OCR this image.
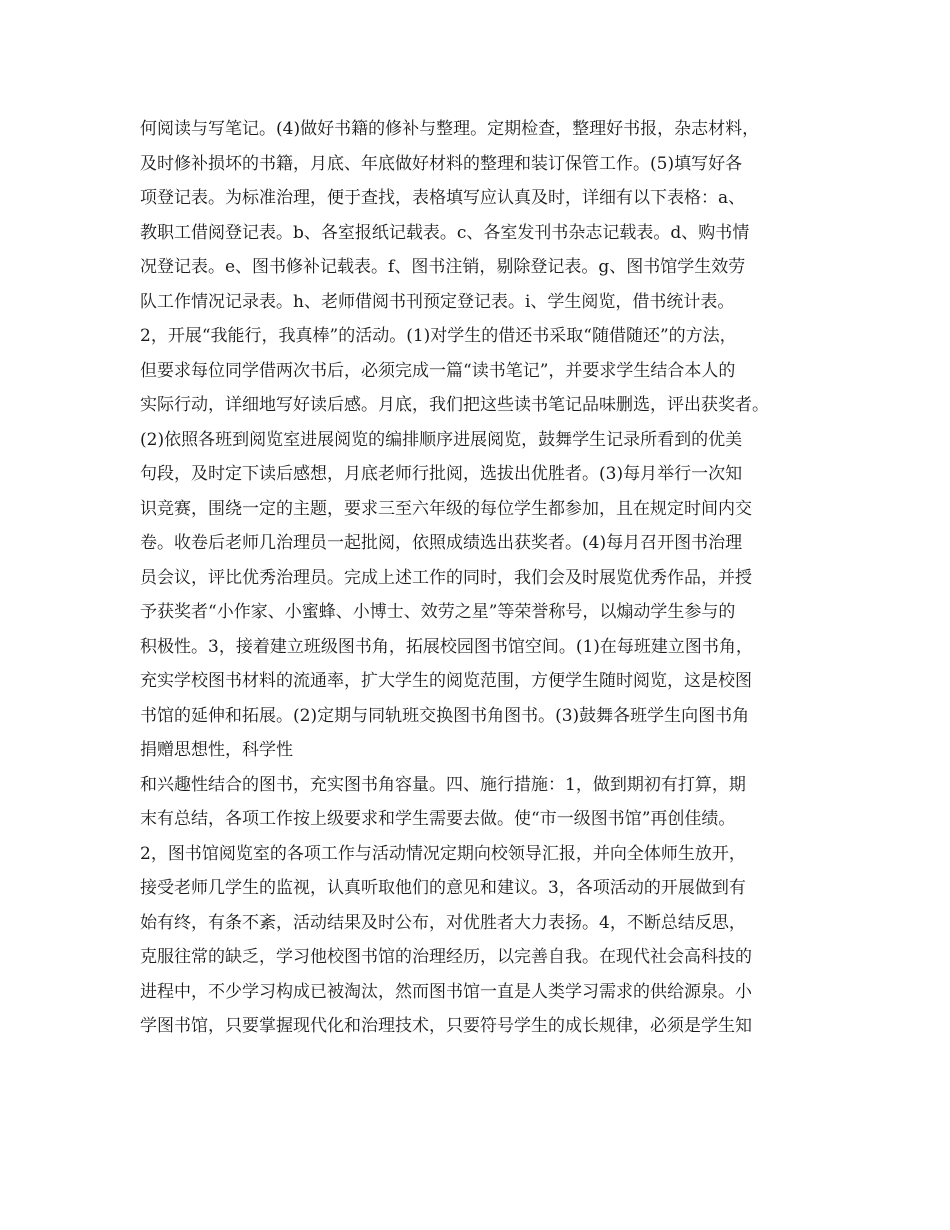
何阅读与写笔记。(4)做好书籍的修补与整理。定期检查，整理好书报，杂志材料，
及时修补损坏的书籍，月底、年底做好材料的整理和装订保管工作。(5)填写好各
项登记表。为标准治理，便于查找，表格填写应认真及时，详细有以下表格：a、
教职工借阅登记表。b、各室报纸记载表。c、各室发刊书杂志记载表。d、购书情
况登记表。e、图书修补记载表。f、图书注销，剔除登记表。g、图书馆学生效劳
队工作情况记录表。h、老师借阅书刊预定登记表。i、学生阅览，借书统计表。
2，开展“我能行，我真棒”的活动。(1)对学生的借还书采取“随借随还”的方法，
但要求每位同学借两次书后，必须完成一篇“读书笔记”，并要求学生结合本人的
实际行动，详细地写好读后感。月底，我们把这些读书笔记品味删选，评出获奖者。
(2)依照各班到阅览室进展阅览的编排顺序进展阅览，鼓舞学生记录所看到的优美
句段，及时定下读后感想，月底老师行批阅，选拔出优胜者。(3)每月举行一次知
识竞赛，围绕一定的主题，要求三至六年级的每位学生都参加，且在规定时间内交
卷。收卷后老师几治理员一起批阅，依照成绩选出获奖者。(4)每月召开图书治理
员会议，评比优秀治理员。完成上述工作的同时，我们会及时展览优秀作品，并授
予获奖者“小作家、小蜜蜂、小博士、效劳之星”等荣誉称号，以煽动学生参与的
积极性。3，接着建立班级图书角，拓展校园图书馆空间。(1)在每班建立图书角，
充实学校图书材料的流通率，扩大学生的阅览范围，方便学生随时阅览，这是校图
书馆的延伸和拓展。(2)定期与同轨班交换图书角图书。(3)鼓舞各班学生向图书角
捐赠思想性，科学性
和兴趣性结合的图书，充实图书角容量。四、施行措施：1，做到期初有打算，期
末有总结，各项工作按上级要求和学生需要去做。使“市一级图书馆”再创佳绩。
2，图书馆阅览室的各项工作与活动情况定期向校领导汇报，并向全体师生放开，
接受老师几学生的监视，认真听取他们的意见和建议。3，各项活动的开展做到有
始有终，有条不紊，活动结果及时公布，对优胜者大力表扬。4，不断总结反思，
克服往常的缺乏，学习他校图书馆的治理经历，以完善自我。在现代社会高科技的
进程中，不少学习构成已被淘汰，然而图书馆一直是人类学习需求的供给源泉。小
学图书馆，只要掌握现代化和治理技术，只要符号学生的成长规律，必须是学生知
